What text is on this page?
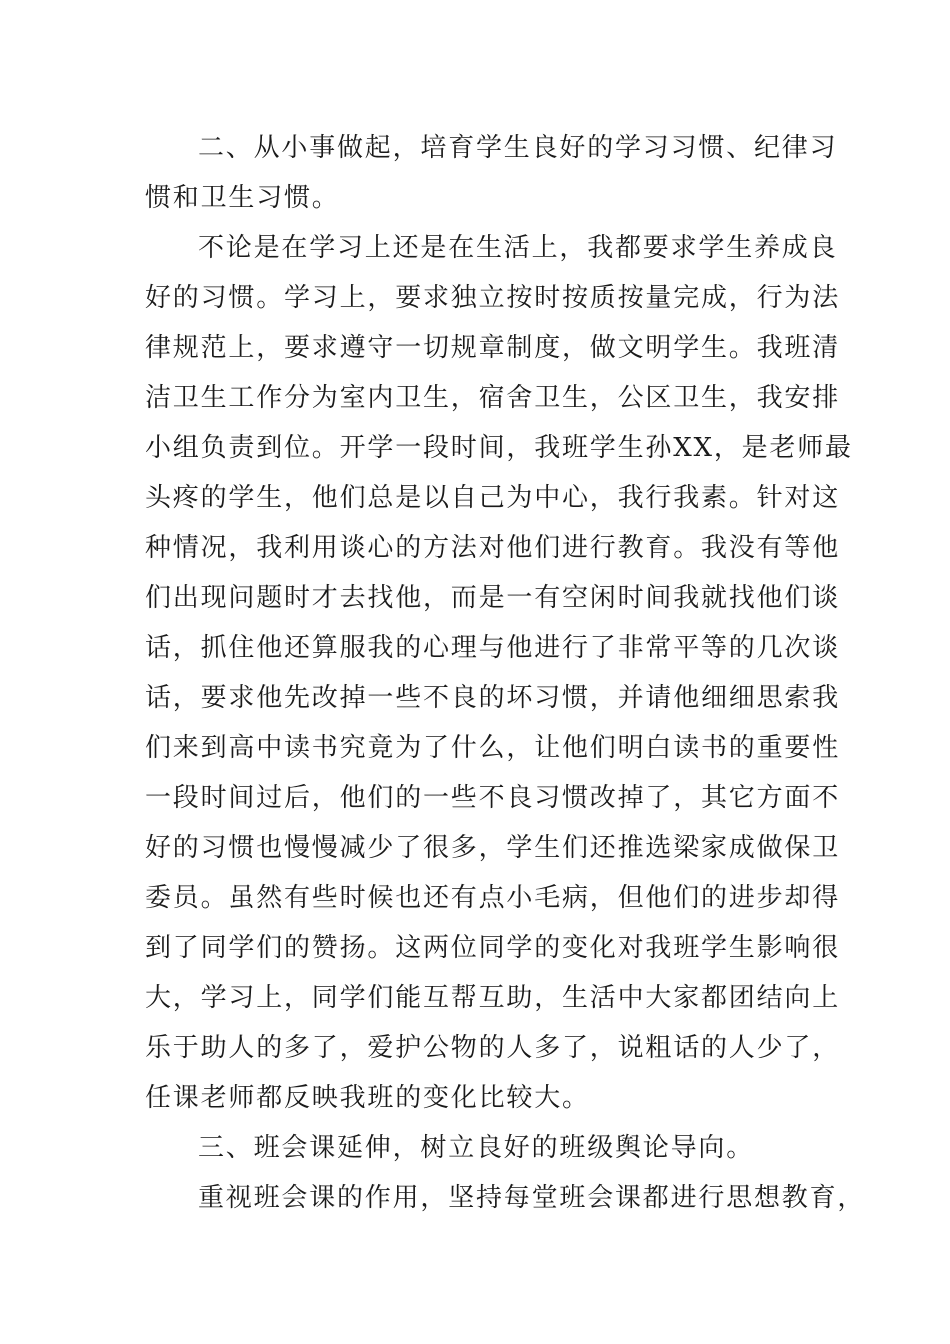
二、从小事做起，培育学生良好的学习习惯、纪律习
惯和卫生习惯。
不论是在学习上还是在生活上，我都要求学生养成良
好的习惯。学习上，要求独立按时按质按量完成，行为法
律规范上，要求遵守一切规章制度，做文明学生。我班清
洁卫生工作分为室内卫生，宿舍卫生，公区卫生，我安排
小组负责到位。开学一段时间，我班学生孙XX，是老师最
头疼的学生，他们总是以自己为中心，我行我素。针对这
种情况，我利用谈心的方法对他们进行教育。我没有等他
们出现问题时才去找他，而是一有空闲时间我就找他们谈
话，抓住他还算服我的心理与他进行了非常平等的几次谈
话，要求他先改掉一些不良的坏习惯，并请他细细思索我
们来到高中读书究竟为了什么，让他们明白读书的重要性
一段时间过后，他们的一些不良习惯改掉了，其它方面不
好的习惯也慢慢减少了很多，学生们还推选梁家成做保卫
委员。虽然有些时候也还有点小毛病，但他们的进步却得
到了同学们的赞扬。这两位同学的变化对我班学生影响很
大，学习上，同学们能互帮互助，生活中大家都团结向上
乐于助人的多了，爱护公物的人多了，说粗话的人少了，
任课老师都反映我班的变化比较大。
三、班会课延伸，树立良好的班级舆论导向。
重视班会课的作用，坚持每堂班会课都进行思想教育，
